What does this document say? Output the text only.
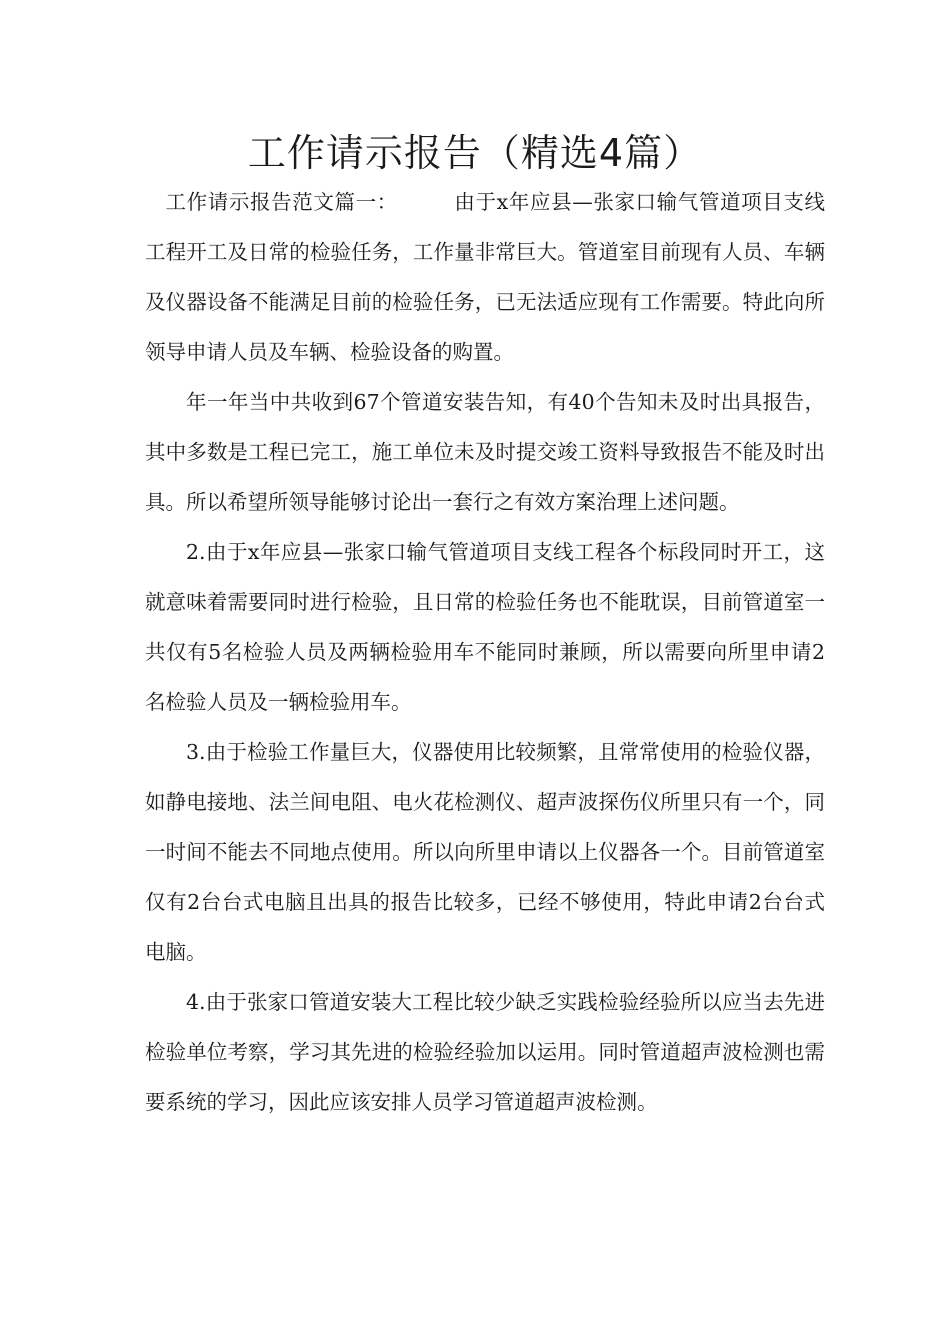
工作请示报告（精选4篇）

工作请示报告范文篇一：	由于x年应县—张家口输气管道项目支线工程开工及日常的检验任务，工作量非常巨大。管道室目前现有人员、车辆及仪器设备不能满足目前的检验任务，已无法适应现有工作需要。特此向所领导申请人员及车辆、检验设备的购置。

年一年当中共收到67个管道安装告知，有40个告知未及时出具报告，其中多数是工程已完工，施工单位未及时提交竣工资料导致报告不能及时出具。所以希望所领导能够讨论出一套行之有效方案治理上述问题。

2.由于x年应县—张家口输气管道项目支线工程各个标段同时开工，这就意味着需要同时进行检验，且日常的检验任务也不能耽误，目前管道室一共仅有5名检验人员及两辆检验用车不能同时兼顾，所以需要向所里申请2名检验人员及一辆检验用车。

3.由于检验工作量巨大，仪器使用比较频繁，且常常使用的检验仪器，如静电接地、法兰间电阻、电火花检测仪、超声波探伤仪所里只有一个，同一时间不能去不同地点使用。所以向所里申请以上仪器各一个。目前管道室仅有2台台式电脑且出具的报告比较多，已经不够使用，特此申请2台台式电脑。

4.由于张家口管道安装大工程比较少缺乏实践检验经验所以应当去先进检验单位考察，学习其先进的检验经验加以运用。同时管道超声波检测也需要系统的学习，因此应该安排人员学习管道超声波检测。
